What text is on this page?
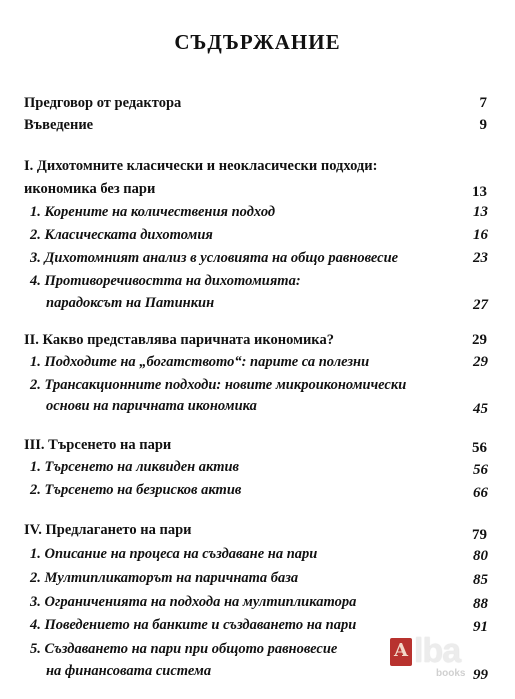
СЪДЪРЖАНИЕ
Предговор от редактора	7
Въведение	9
I. Дихотомните класически и неокласически подходи:
икономика без пари	13
1. Корените на количествения подход	13
2. Класическата дихотомия	16
3. Дихотомният анализ в условията на общо равновесие	23
4. Противоречивостта на дихотомията:
парадоксът на Патинкин	27
II. Какво представлява паричната икономика?	29
1. Подходите на „богатството“: парите са полезни	29
2. Трансакционните подходи: новите микроикономически
основи на паричната икономика	45
III. Търсенето на пари	56
1. Търсенето на ликвиден актив	56
2. Търсенето на безрисков актив	66
IV. Предлагането на пари	79
1. Описание на процеса на създаване на пари	80
2. Мултипликаторът на паричната база	85
3. Ограниченията на подхода на мултипликатора	88
4. Поведението на банките и създаването на пари	91
5. Създаването на пари при общото равновесие
на финансовата система	99
A lba
books
